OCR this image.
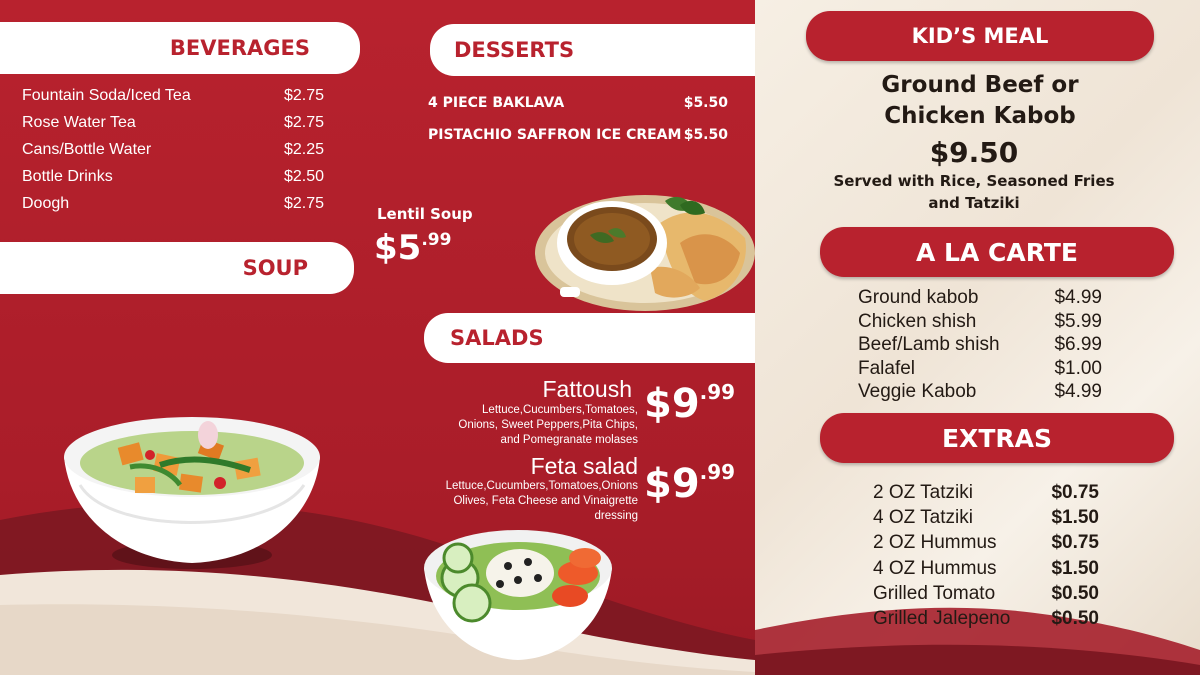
BEVERAGES
Fountain Soda/Iced Tea	$2.75
Rose Water Tea	$2.75
Cans/Bottle Water	$2.25
Bottle Drinks	$2.50
Doogh	$2.75
SOUP
Lentil Soup
$\$5^{.99}$
DESSERTS
4 PIECE BAKLAVA	$5.50
PISTACHIO SAFFRON ICE CREAM $5.50
SALADS
Fattoush
Lettuce,Cucumbers,Tomatoes,
Onions, Sweet Peppers,Pita Chips,
and Pomegranate molases
$\$9^{.99}$
Feta salad
Lettuce,Cucumbers,Tomatoes,Onions
Olives, Feta Cheese and Vinaigrette
dressing
$\$9^{.99}$
KID’S MEAL
Ground Beef or
Chicken Kabob
$9.50
Served with Rice, Seasoned Fries
and Tatziki
A LA CARTE
Ground kabob	$4.99
Chicken shish	$5.99
Beef/Lamb shish	$6.99
Falafel	$1.00
Veggie Kabob	$4.99
EXTRAS
2 OZ Tatziki	$0.75
4 OZ Tatziki	$1.50
2 OZ Hummus	$0.75
4 OZ Hummus	$1.50
Grilled Tomato	$0.50
Grilled Jalepeno $0.50
